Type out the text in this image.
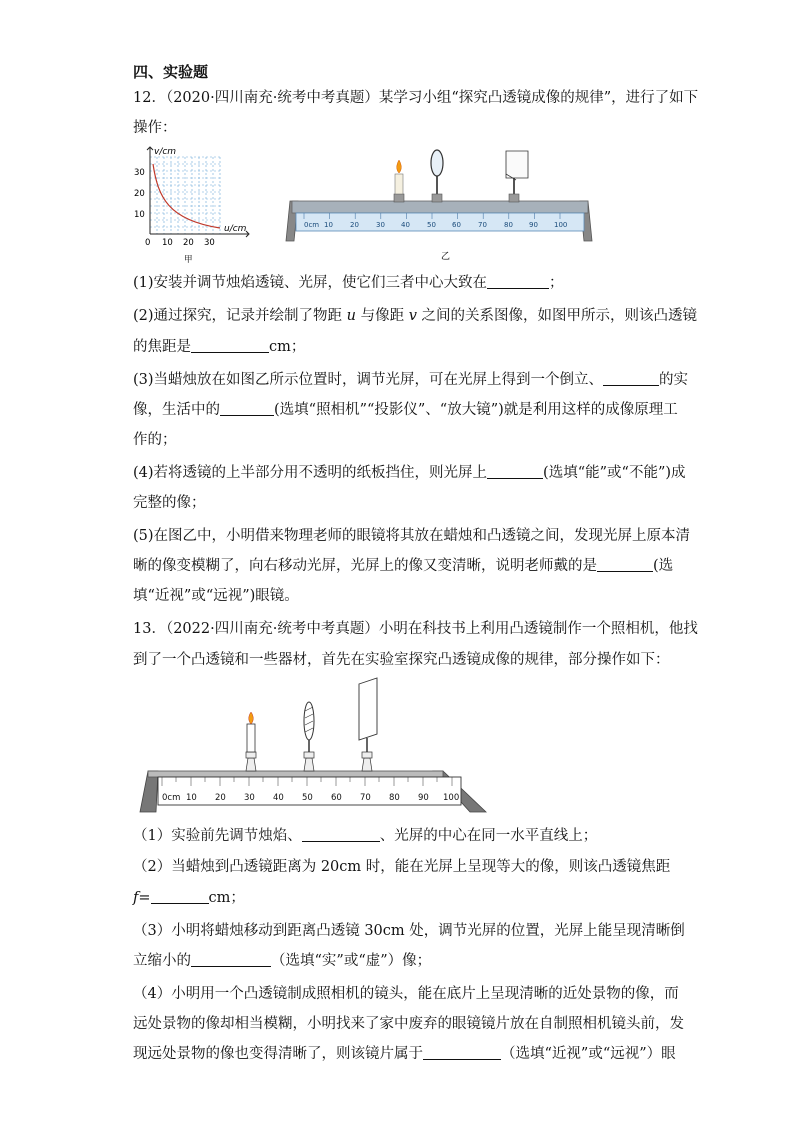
四、实验题
12．（2020·四川南充·统考中考真题）某学习小组“探究凸透镜成像的规律”，进行了如下
操作：
v/cm
u/cm
30
20
10
0 10 20 30
甲
0cm 10 20 30 40 50 60 70 80 90 100
乙
(1)安装并调节烛焰透镜、光屏，使它们三者中心大致在	；
(2)通过探究，记录并绘制了物距 u 与像距 v 之间的关系图像，如图甲所示，则该凸透镜
的焦距是	cm；
(3)当蜡烛放在如图乙所示位置时，调节光屏，可在光屏上得到一个倒立、	的实
像，生活中的	(选填“照相机”“投影仪”、“放大镜”)就是利用这样的成像原理工
作的；
(4)若将透镜的上半部分用不透明的纸板挡住，则光屏上	(选填“能”或“不能”)成
完整的像；
(5)在图乙中，小明借来物理老师的眼镜将其放在蜡烛和凸透镜之间，发现光屏上原本清
晰的像变模糊了，向右移动光屏，光屏上的像又变清晰，说明老师戴的是	(选
填“近视”或“远视”)眼镜。
13．（2022·四川南充·统考中考真题）小明在科技书上利用凸透镜制作一个照相机，他找
到了一个凸透镜和一些器材，首先在实验室探究凸透镜成像的规律，部分操作如下：
0cm 10 20 30 40 50 60 70 80 90 100
（1）实验前先调节烛焰、	、光屏的中心在同一水平直线上；
（2）当蜡烛到凸透镜距离为 20cm 时，能在光屏上呈现等大的像，则该凸透镜焦距
f=	cm；
（3）小明将蜡烛移动到距离凸透镜 30cm 处，调节光屏的位置，光屏上能呈现清晰倒
立缩小的	（选填“实”或“虚”）像；
（4）小明用一个凸透镜制成照相机的镜头，能在底片上呈现清晰的近处景物的像，而
远处景物的像却相当模糊，小明找来了家中废弃的眼镜镜片放在自制照相机镜头前，发
现远处景物的像也变得清晰了，则该镜片属于	（选填“近视”或“远视”）眼
